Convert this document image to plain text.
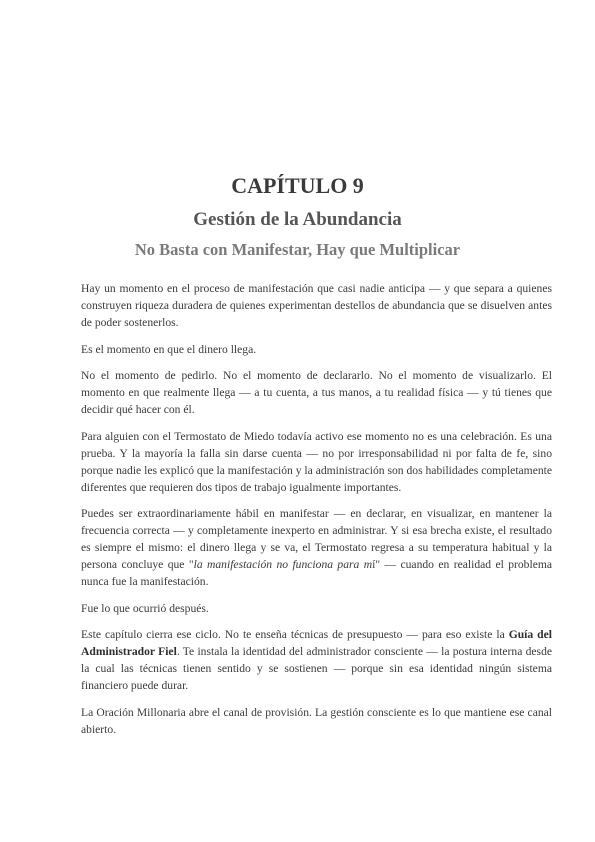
CAPÍTULO 9
Gestión de la Abundancia
No Basta con Manifestar, Hay que Multiplicar

Hay un momento en el proceso de manifestación que casi nadie anticipa — y que separa a quienes construyen riqueza duradera de quienes experimentan destellos de abundancia que se disuelven antes de poder sostenerlos.

Es el momento en que el dinero llega.

No el momento de pedirlo. No el momento de declararlo. No el momento de visualizarlo. El momento en que realmente llega — a tu cuenta, a tus manos, a tu realidad física — y tú tienes que decidir qué hacer con él.

Para alguien con el Termostato de Miedo todavía activo ese momento no es una celebración. Es una prueba. Y la mayoría la falla sin darse cuenta — no por irresponsabilidad ni por falta de fe, sino porque nadie les explicó que la manifestación y la administración son dos habilidades completamente diferentes que requieren dos tipos de trabajo igualmente importantes.

Puedes ser extraordinariamente hábil en manifestar — en declarar, en visualizar, en mantener la frecuencia correcta — y completamente inexperto en administrar. Y si esa brecha existe, el resultado es siempre el mismo: el dinero llega y se va, el Termostato regresa a su temperatura habitual y la persona concluye que "la manifestación no funciona para mí" — cuando en realidad el problema nunca fue la manifestación.

Fue lo que ocurrió después.

Este capítulo cierra ese ciclo. No te enseña técnicas de presupuesto — para eso existe la Guía del Administrador Fiel. Te instala la identidad del administrador consciente — la postura interna desde la cual las técnicas tienen sentido y se sostienen — porque sin esa identidad ningún sistema financiero puede durar.

La Oración Millonaria abre el canal de provisión. La gestión consciente es lo que mantiene ese canal abierto.
